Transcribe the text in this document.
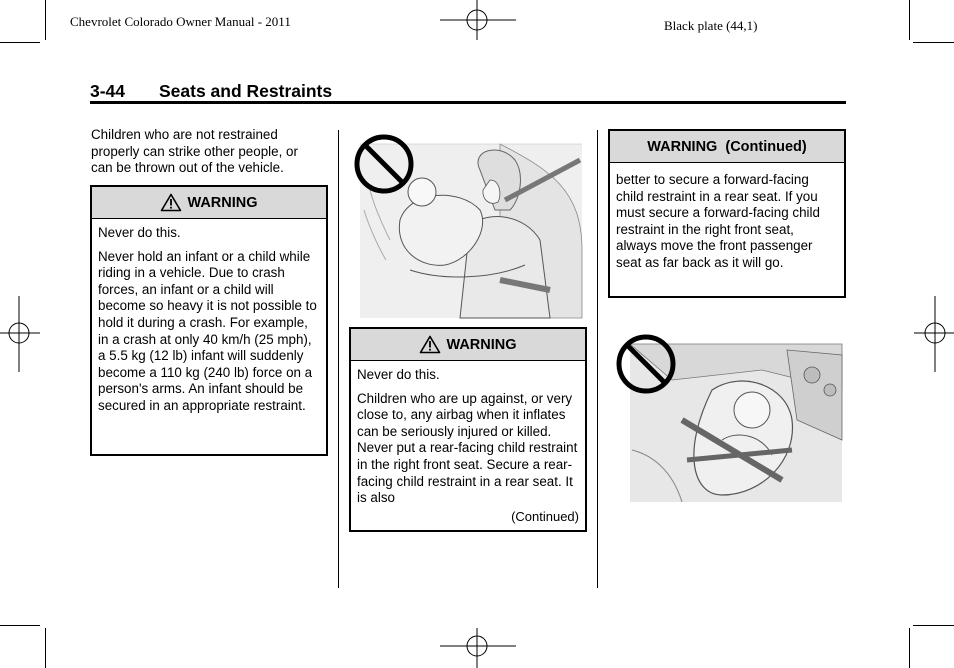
Chevrolet Colorado Owner Manual - 2011	Black plate (44,1)
3-44 Seats and Restraints
Children who are not restrained properly can strike other people, or can be thrown out of the vehicle.
WARNING

Never do this.

Never hold an infant or a child while riding in a vehicle. Due to crash forces, an infant or a child will become so heavy it is not possible to hold it during a crash. For example, in a crash at only 40 km/h (25 mph), a 5.5 kg (12 lb) infant will suddenly become a 110 kg (240 lb) force on a person's arms. An infant should be secured in an appropriate restraint.

WARNING

Never do this.

Children who are up against, or very close to, any airbag when it inflates can be seriously injured or killed. Never put a rear-facing child restraint in the right front seat. Secure a rear-facing child restraint in a rear seat. It is also

(Continued)
WARNING  (Continued)

better to secure a forward-facing child restraint in a rear seat. If you must secure a forward-facing child restraint in the right front seat, always move the front passenger seat as far back as it will go.
